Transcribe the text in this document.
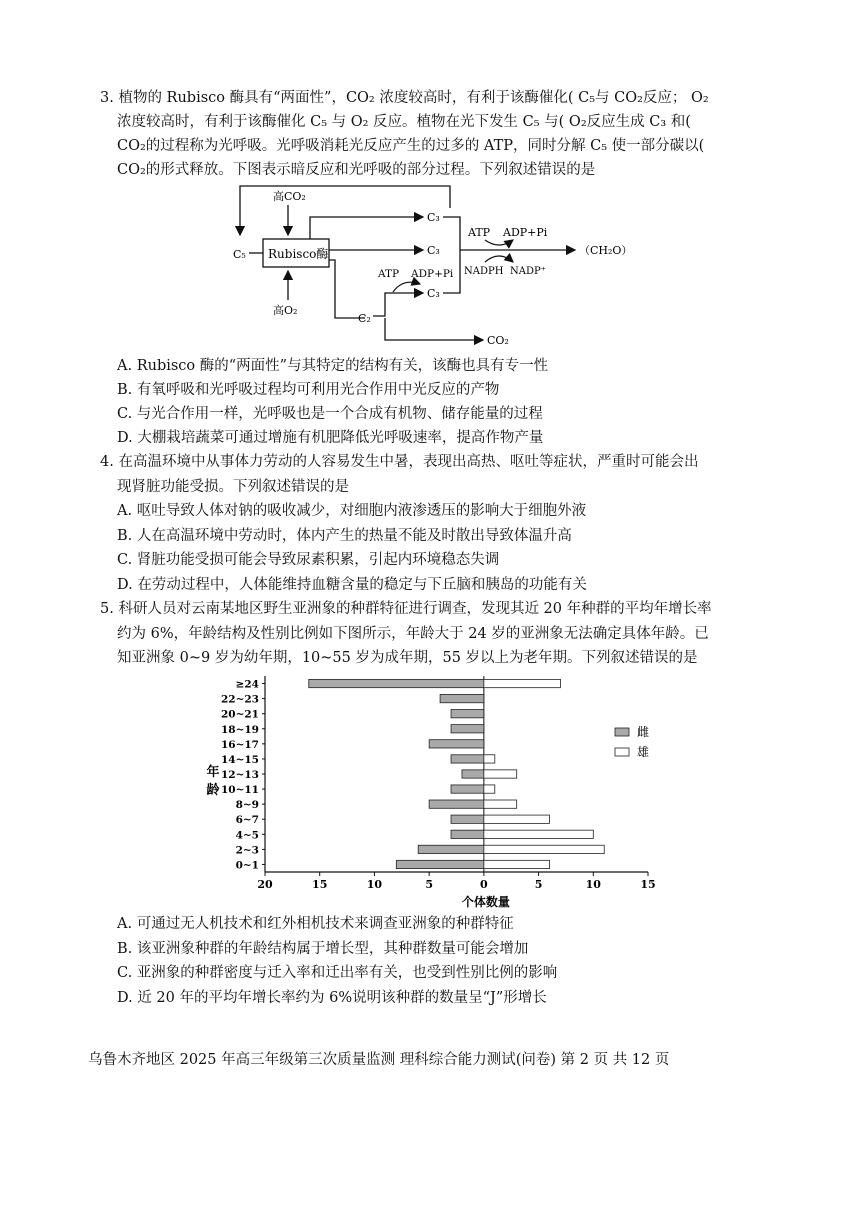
3. 植物的 Rubisco 酶具有“两面性”，CO₂ 浓度较高时，有利于该酶催化( C₅与 CO₂反应； O₂
浓度较高时，有利于该酶催化 C₅ 与 O₂ 反应。植物在光下发生 C₅ 与( O₂反应生成 C₃ 和(
CO₂的过程称为光呼吸。光呼吸消耗光反应产生的过多的 ATP，同时分解 C₅ 使一部分碳以(
CO₂的形式释放。下图表示暗反应和光呼吸的部分过程。下列叙述错误的是
C₅ Rubisco酶
高CO₂
高O₂
C₃
C₃	（CH₂O）
ATP ADP+Pi
NADPH NADP⁺
C₂
C₃
ATP ADP+Pi
CO₂
A. Rubisco 酶的“两面性”与其特定的结构有关，该酶也具有专一性
B. 有氧呼吸和光呼吸过程均可利用光合作用中光反应的产物
C. 与光合作用一样，光呼吸也是一个合成有机物、储存能量的过程
D. 大棚栽培蔬菜可通过增施有机肥降低光呼吸速率，提高作物产量
4. 在高温环境中从事体力劳动的人容易发生中暑，表现出高热、呕吐等症状，严重时可能会出
现肾脏功能受损。下列叙述错误的是
A. 呕吐导致人体对钠的吸收减少，对细胞内液渗透压的影响大于细胞外液
B. 人在高温环境中劳动时，体内产生的热量不能及时散出导致体温升高
C. 肾脏功能受损可能会导致尿素积累，引起内环境稳态失调
D. 在劳动过程中，人体能维持血糖含量的稳定与下丘脑和胰岛的功能有关
5. 科研人员对云南某地区野生亚洲象的种群特征进行调查，发现其近 20 年种群的平均年增长率
约为 6%，年龄结构及性别比例如下图所示，年龄大于 24 岁的亚洲象无法确定具体年龄。已
知亚洲象 0~9 岁为幼年期，10~55 岁为成年期，55 岁以上为老年期。下列叙述错误的是
20	15	10	5	0	5	10	15
个体数量
年
龄
≥24
22~23
20~21
18~19
16~17
14~15
12~13
10~11
8~9
6~7
4~5
2~3
0~1
雌
雄
A. 可通过无人机技术和红外相机技术来调查亚洲象的种群特征
B. 该亚洲象种群的年龄结构属于增长型，其种群数量可能会增加
C. 亚洲象的种群密度与迁入率和迁出率有关，也受到性别比例的影响
D. 近 20 年的平均年增长率约为 6%说明该种群的数量呈“J”形增长
乌鲁木齐地区 2025 年高三年级第三次质量监测 理科综合能力测试(问卷) 第 2 页 共 12 页
